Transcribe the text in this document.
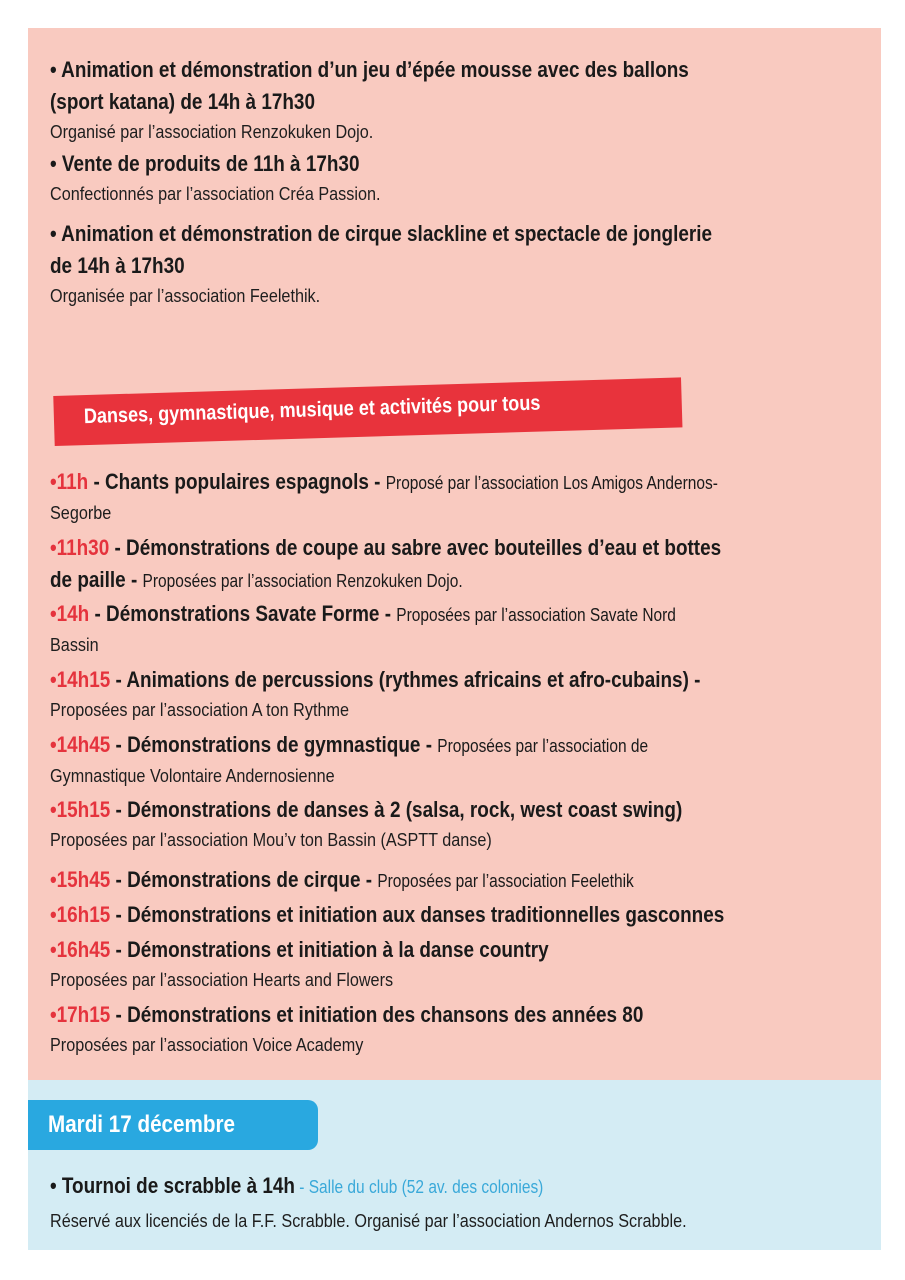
• Animation et démonstration d’un jeu d’épée mousse avec des ballons
(sport katana) de 14h à 17h30
Organisé par l’association Renzokuken Dojo.
• Vente de produits de 11h à 17h30
Confectionnés par l’association Créa Passion.
• Animation et démonstration de cirque slackline et spectacle de jonglerie
de 14h à 17h30
Organisée par l’association Feelethik.
Danses, gymnastique, musique et activités pour tous
•11h - Chants populaires espagnols - Proposé par l’association Los Amigos Andernos-
Segorbe
•11h30 - Démonstrations de coupe au sabre avec bouteilles d’eau et bottes
de paille - Proposées par l’association Renzokuken Dojo.
•14h - Démonstrations Savate Forme - Proposées par l’association Savate Nord
Bassin
•14h15 - Animations de percussions (rythmes africains et afro-cubains) -
Proposées par l’association A ton Rythme
•14h45 - Démonstrations de gymnastique - Proposées par l’association de
Gymnastique Volontaire Andernosienne
•15h15 - Démonstrations de danses à 2 (salsa, rock, west coast swing)
Proposées par l’association Mou’v ton Bassin (ASPTT danse)
•15h45 - Démonstrations de cirque - Proposées par l’association Feelethik
•16h15 - Démonstrations et initiation aux danses traditionnelles gasconnes
•16h45 - Démonstrations et initiation à la danse country
Proposées par l’association Hearts and Flowers
•17h15 - Démonstrations et initiation des chansons des années 80
Proposées par l’association Voice Academy
Mardi 17 décembre
• Tournoi de scrabble à 14h - Salle du club (52 av. des colonies)
Réservé aux licenciés de la F.F. Scrabble. Organisé par l’association Andernos Scrabble.
